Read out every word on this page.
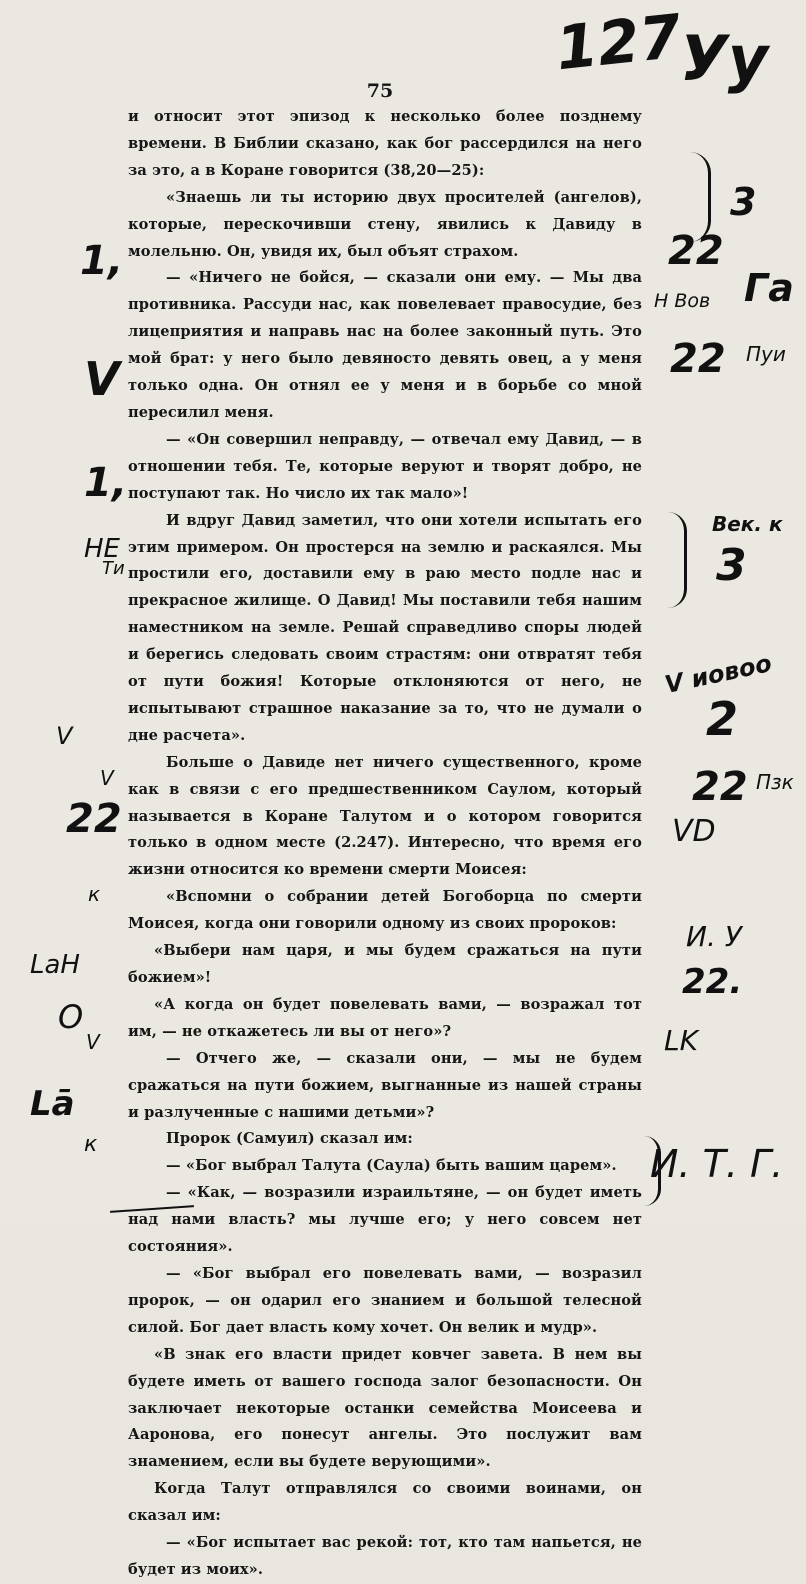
75

и относит этот эпизод к несколько более позднему времени. В Библии сказано, как бог рассердился на него за это, а в Коране говорится (38,20—25):

«Знаешь ли ты историю двух просителей (ангелов), которые, перескочивши стену, явились к Давиду в молельню. Он, увидя их, был объят страхом.

— «Ничего не бойся, — сказали они ему. — Мы два противника. Рассуди нас, как повелевает правосудие, без лицеприятия и направь нас на более законный путь. Это мой брат: у него было девяносто девять овец, а у меня только одна. Он отнял ее у меня и в борьбе со мной пересилил меня.

— «Он совершил неправду, — отвечал ему Давид, — в отношении тебя. Те, которые веруют и творят добро, не поступают так. Но число их так мало»!

И вдруг Давид заметил, что они хотели испытать его этим примером. Он простерся на землю и раскаялся. Мы простили его, доставили ему в раю место подле нас и прекрасное жилище. О Давид! Мы поставили тебя нашим наместником на земле. Решай справедливо споры людей и берегись следовать своим страстям: они отвратят тебя от пути божия! Которые отклоняются от него, не испытывают страшное наказание за то, что не думали о дне расчета».

Больше о Давиде нет ничего существенного, кроме как в связи с его предшественником Саулом, который называется в Коране Талутом и о котором говорится только в одном месте (2.247). Интересно, что время его жизни относится ко времени смерти Моисея:

«Вспомни о собрании детей Богоборца по смерти Моисея, когда они говорили одному из своих пророков:

«Выбери нам царя, и мы будем сражаться на пути божием»!

«А когда он будет повелевать вами, — возражал тот им, — не откажетесь ли вы от него»?

— Отчего же, — сказали они, — мы не будем сражаться на пути божием, выгнанные из нашей страны и разлученные с нашими детьми»?

Пророк (Самуил) сказал им:

— «Бог выбрал Талута (Саула) быть вашим царем».

— «Как, — возразили израильтяне, — он будет иметь над нами власть? мы лучше его; у него совсем нет состояния».

— «Бог выбрал его повелевать вами, — возразил пророк, — он одарил его знанием и большой телесной силой. Бог дает власть кому хочет. Он велик и мудр».

«В знак его власти придет ковчег завета. В нем вы будете иметь от вашего господа залог безопасности. Он заключает некоторые останки семейства Моисеева и Ааронова, его понесут ангелы. Это послужит вам знамением, если вы будете верующими».

Когда Талут отправлялся со своими воинами, он сказал им:

— «Бог испытает вас рекой: тот, кто там напьется, не будет из моих».

127
Уу
3
22
Га
Н Вов
22 Пуи
Век. к
3
V иовоо
2
22 Пзк
VD
И. У
22.
LK
И. Т. Г.
1,
V
1,
НЕ
Ти
V
V
22
к
LаН
О
Lā
к
V
